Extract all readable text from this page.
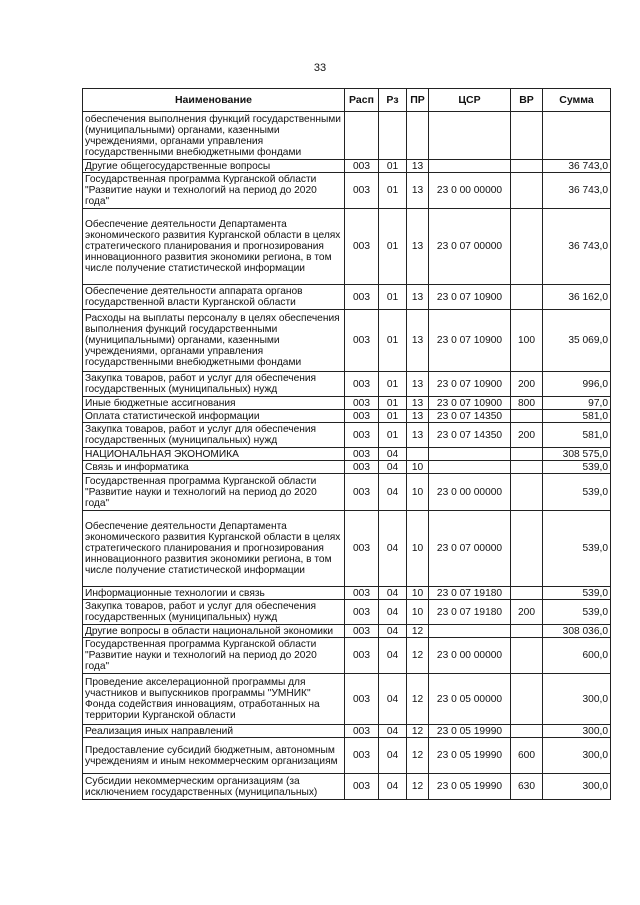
33
Наименование	Расп	Рз	ПР	ЦСР	ВР	Сумма
обеспечения выполнения функций государственными (муниципальными) органами, казенными учреждениями, органами управления государственными внебюджетными фондами						
Другие общегосударственные вопросы	003	01	13			36 743,0
Государственная программа Курганской области "Развитие науки и технологий на период до 2020 года"	003	01	13	23 0 00 00000		36 743,0
Обеспечение деятельности Департамента экономического развития Курганской области в целях стратегического планирования и прогнозирования инновационного развития экономики региона, в том числе получение статистической информации	003	01	13	23 0 07 00000		36 743,0
Обеспечение деятельности аппарата органов государственной власти Курганской области	003	01	13	23 0 07 10900		36 162,0
Расходы на выплаты персоналу в целях обеспечения выполнения функций государственными (муниципальными) органами, казенными учреждениями, органами управления государственными внебюджетными фондами	003	01	13	23 0 07 10900	100	35 069,0
Закупка товаров, работ и услуг для обеспечения государственных (муниципальных) нужд	003	01	13	23 0 07 10900	200	996,0
Иные бюджетные ассигнования	003	01	13	23 0 07 10900	800	97,0
Оплата статистической информации	003	01	13	23 0 07 14350		581,0
Закупка товаров, работ и услуг для обеспечения государственных (муниципальных) нужд	003	01	13	23 0 07 14350	200	581,0
НАЦИОНАЛЬНАЯ ЭКОНОМИКА	003	04				308 575,0
Связь и информатика	003	04	10			539,0
Государственная программа Курганской области "Развитие науки и технологий на период до 2020 года"	003	04	10	23 0 00 00000		539,0
Обеспечение деятельности Департамента экономического развития Курганской области в целях стратегического планирования и прогнозирования инновационного развития экономики региона, в том числе получение статистической информации	003	04	10	23 0 07 00000		539,0
Информационные технологии и связь	003	04	10	23 0 07 19180		539,0
Закупка товаров, работ и услуг для обеспечения государственных (муниципальных) нужд	003	04	10	23 0 07 19180	200	539,0
Другие вопросы в области национальной экономики	003	04	12			308 036,0
Государственная программа Курганской области "Развитие науки и технологий на период до 2020 года"	003	04	12	23 0 00 00000		600,0
Проведение акселерационной программы для участников и выпускников программы "УМНИК" Фонда содействия инновациям, отработанных на территории Курганской области	003	04	12	23 0 05 00000		300,0
Реализация иных направлений	003	04	12	23 0 05 19990		300,0
Предоставление субсидий бюджетным, автономным учреждениям и иным некоммерческим организациям	003	04	12	23 0 05 19990	600	300,0
Субсидии некоммерческим организациям (за исключением государственных (муниципальных)	003	04	12	23 0 05 19990	630	300,0
